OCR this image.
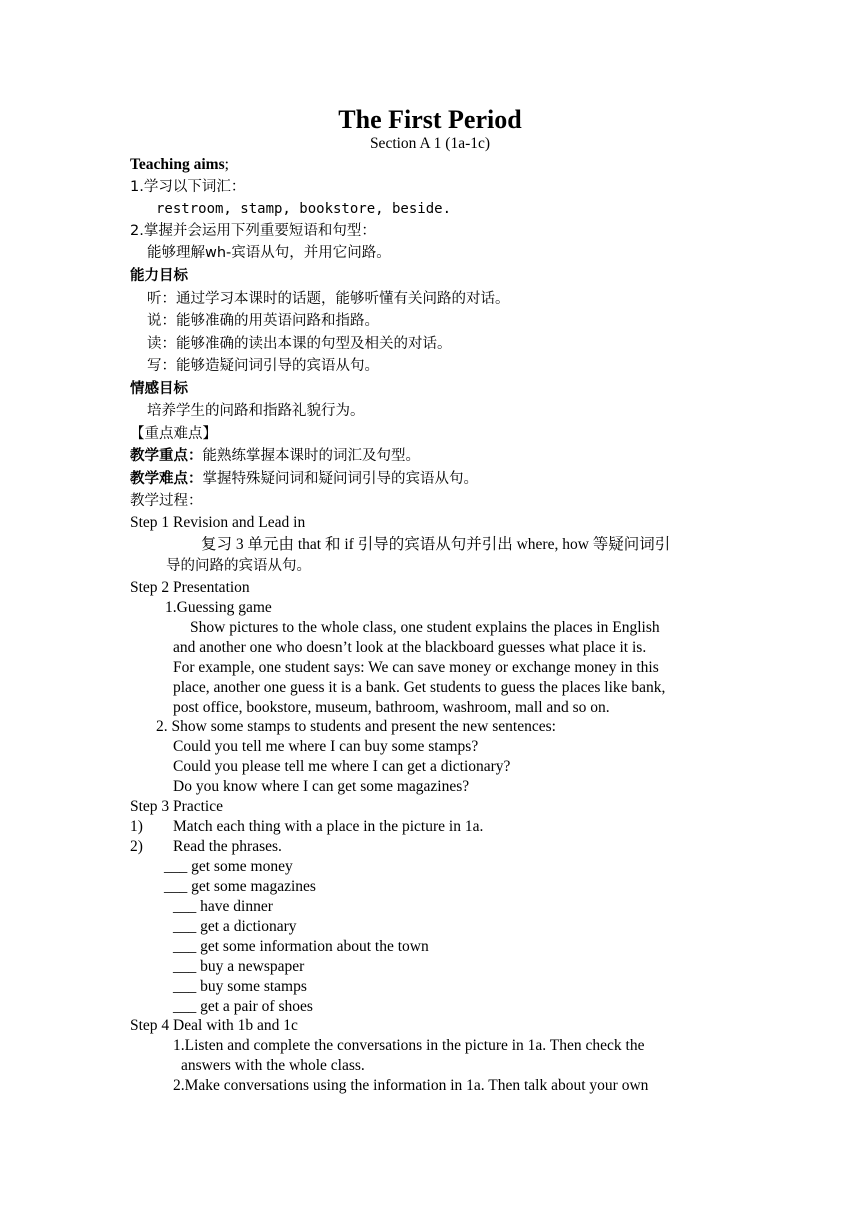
The First Period
Section A 1 (1a-1c)
Teaching aims;
1.学习以下词汇：
restroom, stamp, bookstore, beside.
2.掌握并会运用下列重要短语和句型：
能够理解wh-宾语从句，并用它问路。
能力目标
听：通过学习本课时的话题，能够听懂有关问路的对话。
说：能够准确的用英语问路和指路。
读：能够准确的读出本课的句型及相关的对话。
写：能够造疑问词引导的宾语从句。
情感目标
培养学生的问路和指路礼貌行为。
【重点难点】
教学重点：能熟练掌握本课时的词汇及句型。
教学难点：掌握特殊疑问词和疑问词引导的宾语从句。
教学过程：
Step 1 Revision and Lead in
复习 3 单元由 that 和 if 引导的宾语从句并引出 where, how 等疑问词引
导的问路的宾语从句。
Step 2 Presentation
1.Guessing game
Show pictures to the whole class, one student explains the places in English
and another one who doesn’t look at the blackboard guesses what place it is.
For example, one student says: We can save money or exchange money in this
place, another one guess it is a bank. Get students to guess the places like bank,
post office, bookstore, museum, bathroom, washroom, mall and so on.
2. Show some stamps to students and present the new sentences:
Could you tell me where I can buy some stamps?
Could you please tell me where I can get a dictionary?
Do you know where I can get some magazines?
Step 3 Practice
1) Match each thing with a place in the picture in 1a.
2) Read the phrases.
___ get some money
___ get some magazines
___ have dinner
___ get a dictionary
___ get some information about the town
___ buy a newspaper
___ buy some stamps
___ get a pair of shoes
Step 4 Deal with 1b and 1c
1.Listen and complete the conversations in the picture in 1a. Then check the
answers with the whole class.
2.Make conversations using the information in 1a. Then talk about your own
